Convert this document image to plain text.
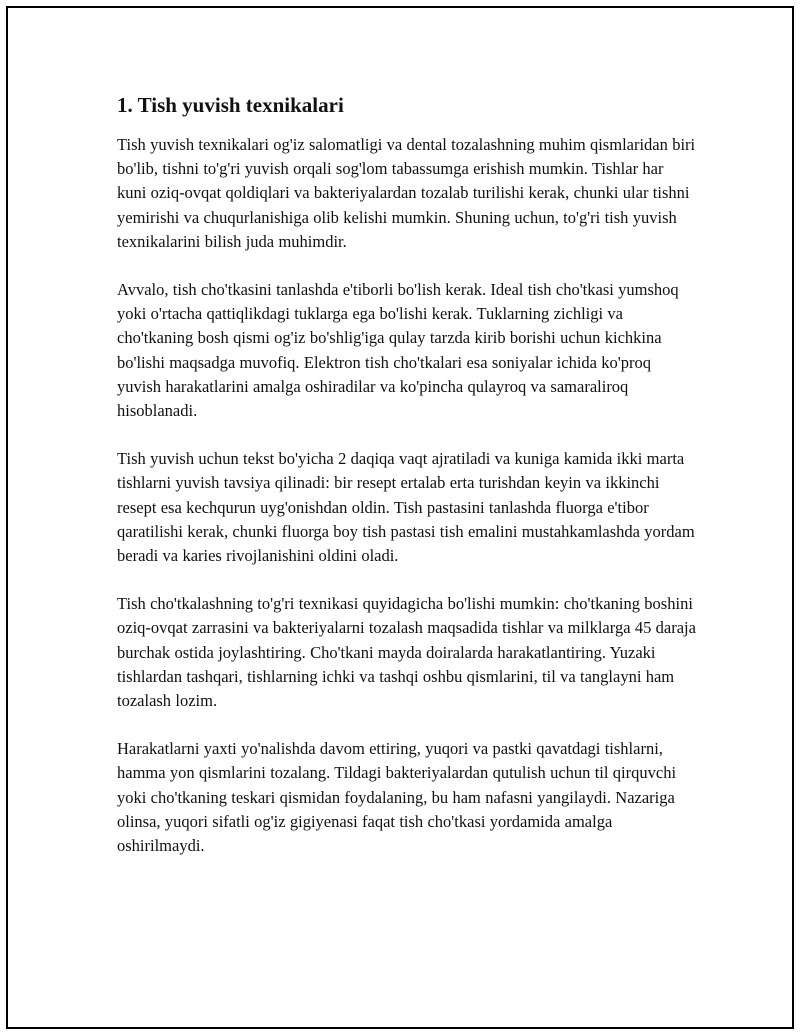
1. Tish yuvish texnikalari

Tish yuvish texnikalari og'iz salomatligi va dental tozalashning muhim qismlaridan biri bo'lib, tishni to'g'ri yuvish orqali sog'lom tabassumga erishish mumkin. Tishlar har kuni oziq-ovqat qoldiqlari va bakteriyalardan tozalab turilishi kerak, chunki ular tishni yemirishi va chuqurlanishiga olib kelishi mumkin. Shuning uchun, to'g'ri tish yuvish texnikalarini bilish juda muhimdir.

Avvalo, tish cho'tkasini tanlashda e'tiborli bo'lish kerak. Ideal tish cho'tkasi yumshoq yoki o'rtacha qattiqlikdagi tuklarga ega bo'lishi kerak. Tuklarning zichligi va cho'tkaning bosh qismi og'iz bo'shlig'iga qulay tarzda kirib borishi uchun kichkina bo'lishi maqsadga muvofiq. Elektron tish cho'tkalari esa soniyalar ichida ko'proq yuvish harakatlarini amalga oshiradilar va ko'pincha qulayroq va samaraliroq hisoblanadi.

Tish yuvish uchun tekst bo'yicha 2 daqiqa vaqt ajratiladi va kuniga kamida ikki marta tishlarni yuvish tavsiya qilinadi: bir resept ertalab erta turishdan keyin va ikkinchi resept esa kechqurun uyg'onishdan oldin. Tish pastasini tanlashda fluorga e'tibor qaratilishi kerak, chunki fluorga boy tish pastasi tish emalini mustahkamlashda yordam beradi va karies rivojlanishini oldini oladi.

Tish cho'tkalashning to'g'ri texnikasi quyidagicha bo'lishi mumkin: cho'tkaning boshini oziq-ovqat zarrasini va bakteriyalarni tozalash maqsadida tishlar va milklarga 45 daraja burchak ostida joylashtiring. Cho'tkani mayda doiralarda harakatlantiring. Yuzaki tishlardan tashqari, tishlarning ichki va tashqi oshbu qismlarini, til va tanglayni ham tozalash lozim.

Harakatlarni yaxti yo'nalishda davom ettiring, yuqori va pastki qavatdagi tishlarni, hamma yon qismlarini tozalang. Tildagi bakteriyalardan qutulish uchun til qirquvchi yoki cho'tkaning teskari qismidan foydalaning, bu ham nafasni yangilaydi. Nazariga olinsa, yuqori sifatli og'iz gigiyenasi faqat tish cho'tkasi yordamida amalga oshirilmaydi.
